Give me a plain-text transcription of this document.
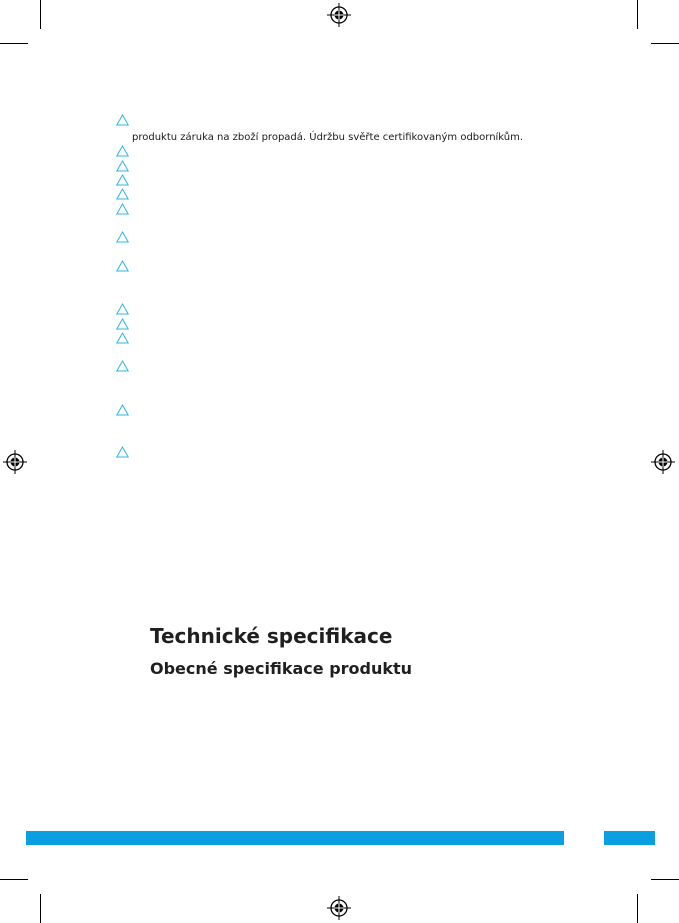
produktu záruka na zboží propadá. Údržbu svěřte certifikovaným odborníkům.
Technické specifikace
Obecné specifikace produktu
